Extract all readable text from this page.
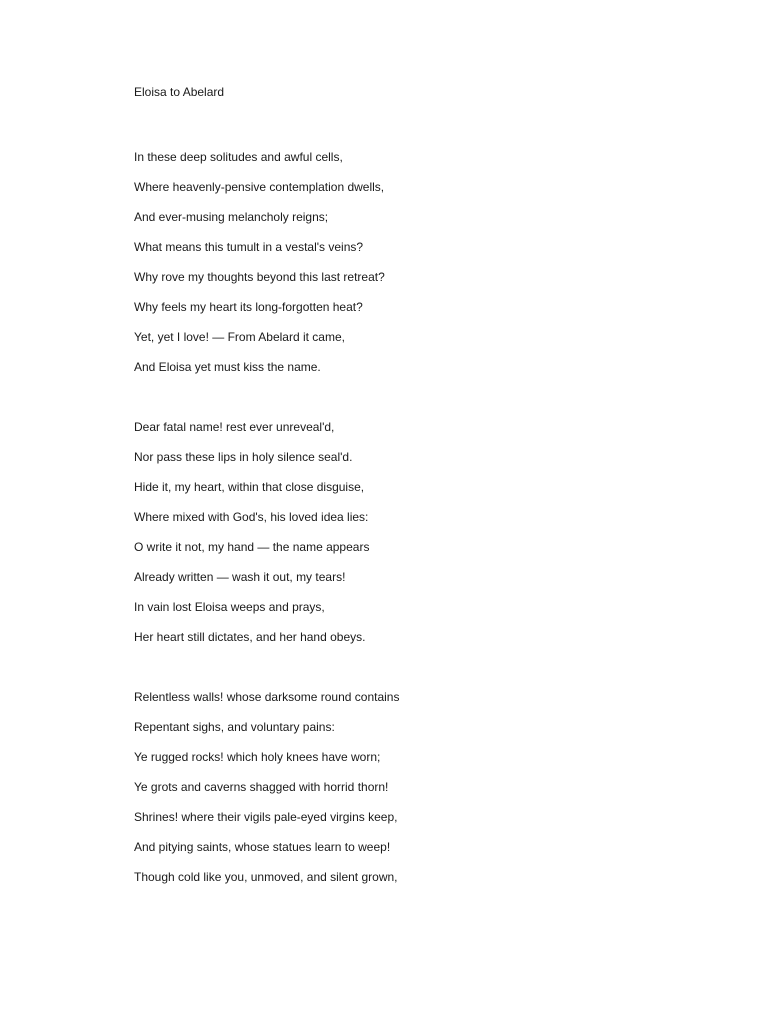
Eloisa to Abelard
In these deep solitudes and awful cells,
Where heavenly-pensive contemplation dwells,
And ever-musing melancholy reigns;
What means this tumult in a vestal's veins?
Why rove my thoughts beyond this last retreat?
Why feels my heart its long-forgotten heat?
Yet, yet I love! — From Abelard it came,
And Eloisa yet must kiss the name.
Dear fatal name! rest ever unreveal'd,
Nor pass these lips in holy silence seal'd.
Hide it, my heart, within that close disguise,
Where mixed with God's, his loved idea lies:
O write it not, my hand — the name appears
Already written — wash it out, my tears!
In vain lost Eloisa weeps and prays,
Her heart still dictates, and her hand obeys.
Relentless walls! whose darksome round contains
Repentant sighs, and voluntary pains:
Ye rugged rocks! which holy knees have worn;
Ye grots and caverns shagged with horrid thorn!
Shrines! where their vigils pale-eyed virgins keep,
And pitying saints, whose statues learn to weep!
Though cold like you, unmoved, and silent grown,
